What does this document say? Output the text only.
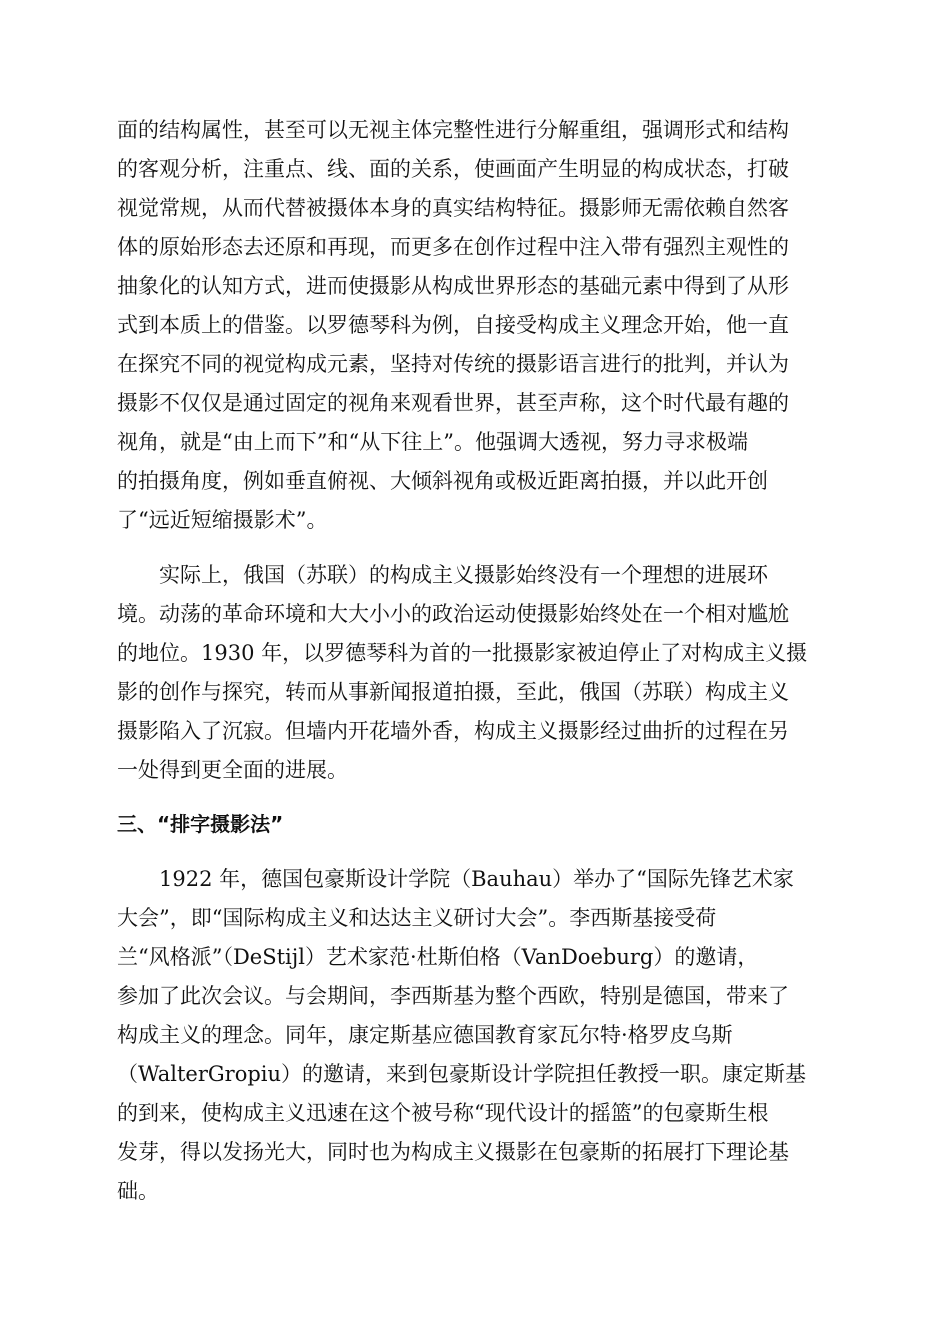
面的结构属性，甚至可以无视主体完整性进行分解重组，强调形式和结构
的客观分析，注重点、线、面的关系，使画面产生明显的构成状态，打破
视觉常规，从而代替被摄体本身的真实结构特征。摄影师无需依赖自然客
体的原始形态去还原和再现，而更多在创作过程中注入带有强烈主观性的
抽象化的认知方式，进而使摄影从构成世界形态的基础元素中得到了从形
式到本质上的借鉴。以罗德琴科为例，自接受构成主义理念开始，他一直
在探究不同的视觉构成元素，坚持对传统的摄影语言进行的批判，并认为
摄影不仅仅是通过固定的视角来观看世界，甚至声称，这个时代最有趣的
视角，就是“由上而下”和“从下往上”。他强调大透视，努力寻求极端
的拍摄角度，例如垂直俯视、大倾斜视角或极近距离拍摄，并以此开创
了“远近短缩摄影术”。
实际上，俄国（苏联）的构成主义摄影始终没有一个理想的进展环
境。动荡的革命环境和大大小小的政治运动使摄影始终处在一个相对尴尬
的地位。1930 年，以罗德琴科为首的一批摄影家被迫停止了对构成主义摄
影的创作与探究，转而从事新闻报道拍摄，至此，俄国（苏联）构成主义
摄影陷入了沉寂。但墙内开花墙外香，构成主义摄影经过曲折的过程在另
一处得到更全面的进展。
三、“排字摄影法”
1922 年，德国包豪斯设计学院（Bauhau）举办了“国际先锋艺术家
大会”，即“国际构成主义和达达主义研讨大会”。李西斯基接受荷
兰“风格派”（DeStijl）艺术家范·杜斯伯格（VanDoeburg）的邀请，
参加了此次会议。与会期间，李西斯基为整个西欧，特别是德国，带来了
构成主义的理念。同年，康定斯基应德国教育家瓦尔特·格罗皮乌斯
（WalterGropiu）的邀请，来到包豪斯设计学院担任教授一职。康定斯基
的到来，使构成主义迅速在这个被号称“现代设计的摇篮”的包豪斯生根
发芽，得以发扬光大，同时也为构成主义摄影在包豪斯的拓展打下理论基
础。
